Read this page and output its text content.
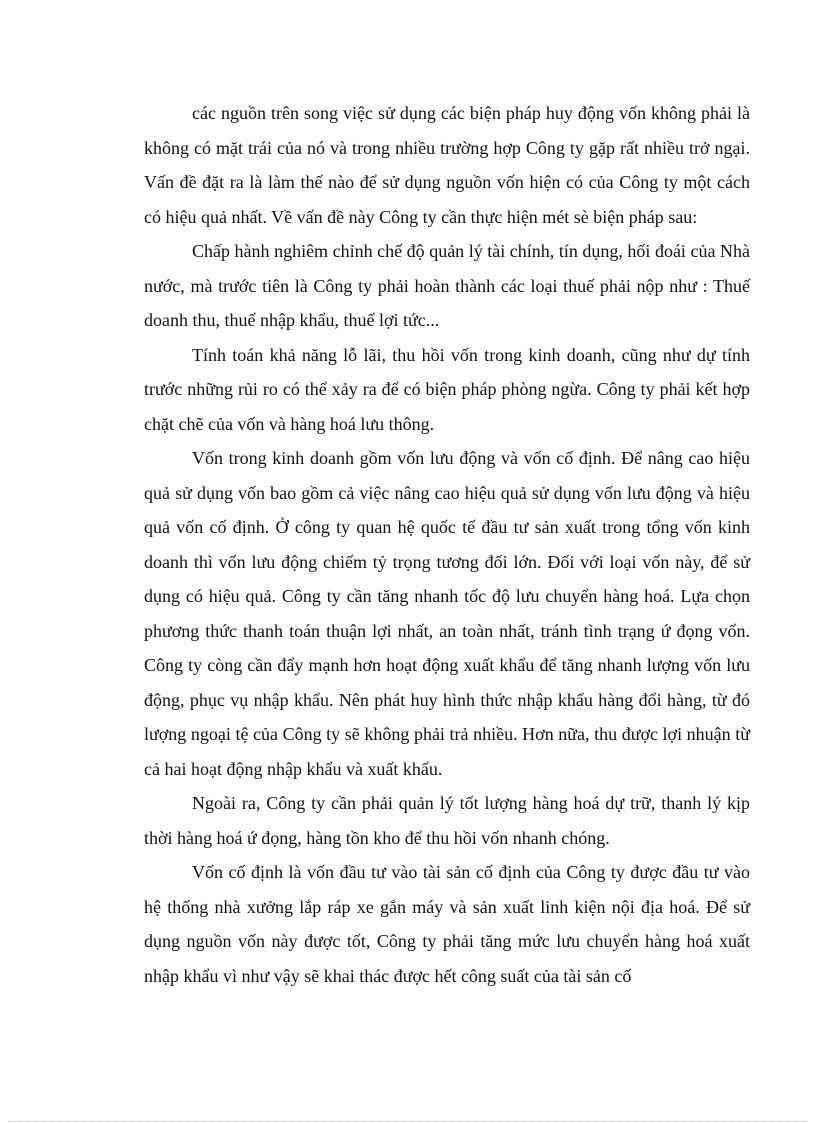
các nguồn trên song việc sử dụng các biện pháp huy động vốn không phải là không có mặt trái của nó và trong nhiều trường hợp Công ty gặp rất nhiều trở ngại. Vấn đề đặt ra là làm thế nào để sử dụng nguồn vốn hiện có của Công ty một cách có hiệu quả nhất. Về vấn đề này Công ty cần thực hiện mét sè biện pháp sau:

Chấp hành nghiêm chỉnh chế độ quản lý tài chính, tín dụng, hối đoái của Nhà nước, mà trước tiên là Công ty phải hoàn thành các loại thuế phải nộp như : Thuế doanh thu, thuế nhập khẩu, thuế lợi tức...

Tính toán khả năng lỗ lãi, thu hồi vốn trong kinh doanh, cũng như dự tính trước những rủi ro có thể xảy ra để có biện pháp phòng ngừa. Công ty phải kết hợp chặt chẽ của vốn và hàng hoá lưu thông.

Vốn trong kinh doanh gồm vốn lưu động và vốn cố định. Để nâng cao hiệu quả sử dụng vốn bao gồm cả việc nâng cao hiệu quả sử dụng vốn lưu động và hiệu quả vốn cố định. Ở công ty quan hệ quốc tế đầu tư sản xuất trong tổng vốn kinh doanh thì vốn lưu động chiếm tỷ trọng tương đối lớn. Đối với loại vốn này, để sử dụng có hiệu quả. Công ty cần tăng nhanh tốc độ lưu chuyển hàng hoá. Lựa chọn phương thức thanh toán thuận lợi nhất, an toàn nhất, tránh tình trạng ứ đọng vốn. Công ty còng cần đẩy mạnh hơn hoạt động xuất khẩu để tăng nhanh lượng vốn lưu động, phục vụ nhập khẩu. Nên phát huy hình thức nhập khẩu hàng đổi hàng, từ đó lượng ngoại tệ của Công ty sẽ không phải trả nhiều. Hơn nữa, thu được lợi nhuận từ cả hai hoạt động nhập khẩu và xuất khẩu.

Ngoài ra, Công ty cần phải quản lý tốt lượng hàng hoá dự trữ, thanh lý kịp thời hàng hoá ứ đọng, hàng tồn kho để thu hồi vốn nhanh chóng.

Vốn cố định là vốn đầu tư vào tài sản cố định của Công ty được đầu tư vào hệ thống nhà xưởng lắp ráp xe gắn máy và sản xuất linh kiện nội địa hoá. Để sử dụng nguồn vốn này được tốt, Công ty phải tăng mức lưu chuyển hàng hoá xuất nhập khẩu vì như vậy sẽ khai thác được hết công suất của tài sản cố
